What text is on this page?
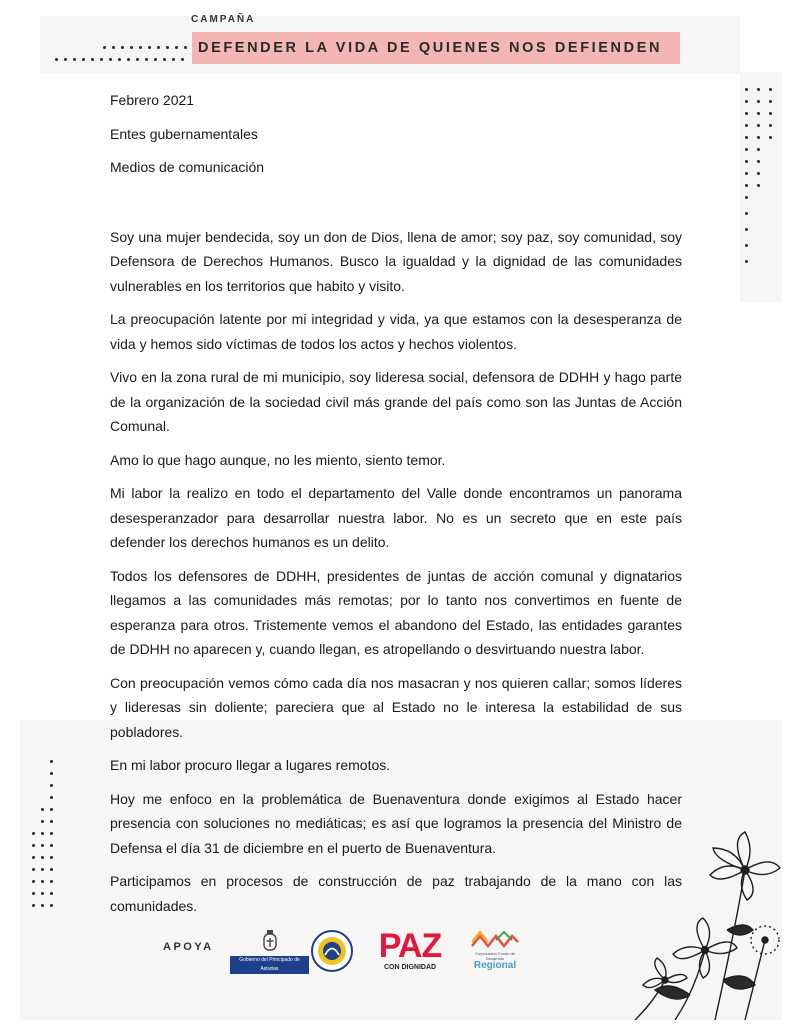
CAMPAÑA
DEFENDER LA VIDA DE QUIENES NOS DEFIENDEN

Febrero 2021

Entes gubernamentales

Medios de comunicación

Soy una mujer bendecida, soy un don de Dios, llena de amor; soy paz, soy comunidad, soy Defensora de Derechos Humanos. Busco la igualdad y la dignidad de las comunidades vulnerables en los territorios que habito y visito.

La preocupación latente por mi integridad y vida, ya que estamos con la desesperanza de vida y hemos sido víctimas de todos los actos y hechos violentos.

Vivo en la zona rural de mi municipio, soy lideresa social, defensora de DDHH y hago parte de la organización de la sociedad civil más grande del país como son las Juntas de Acción Comunal.

Amo lo que hago aunque, no les miento, siento temor.

Mi labor la realizo en todo el departamento del Valle donde encontramos un panorama desesperanzador para desarrollar nuestra labor. No es un secreto que en este país defender los derechos humanos es un delito.

Todos los defensores de DDHH, presidentes de juntas de acción comunal y dignatarios llegamos a las comunidades más remotas; por lo tanto nos convertimos en fuente de esperanza para otros. Tristemente vemos el abandono del Estado, las entidades garantes de DDHH no aparecen y, cuando llegan, es atropellando o desvirtuando nuestra labor.

Con preocupación vemos cómo cada día nos masacran y nos quieren callar; somos líderes y lideresas sin doliente; pareciera que al Estado no le interesa la estabilidad de sus pobladores.

En mi labor procuro llegar a lugares remotos.

Hoy me enfoco en la problemática de Buenaventura donde exigimos al Estado hacer presencia con soluciones no mediáticas; es así que logramos la presencia del Ministro de Defensa el día 31 de diciembre en el puerto de Buenaventura.

Participamos en procesos de construcción de paz trabajando de la mano con las comunidades.

APOYA
Gobierno del Principado de Asturias
PAZ
CON DIGNIDAD
Corporación Fondo de Desarrollo
Regional
